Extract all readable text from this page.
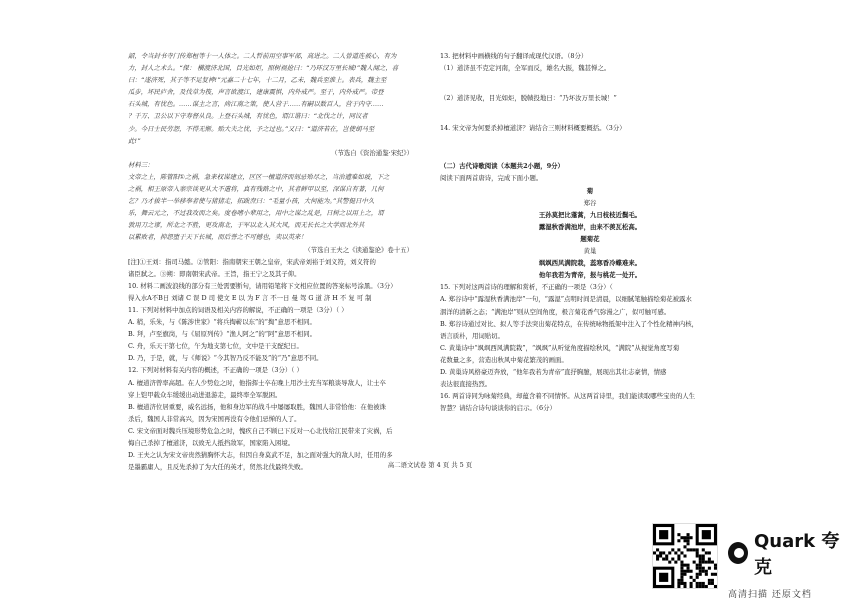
韶，令当封书寺门传郑桓等十一人体之。二人哲前用空事军部，高进之。二人曾道连被心，有为
力，封人之术么。“保： 横渡济北国，目光如炬，照树视抢曰：“乃环汉万里长城!”魏人闻之，喜
曰：“遂济死，其子等不足复裨!”元嘉二十七年，十二月，乙未，魏兵至淮上。表兵，魏主至
瓜步，坏民庐舍，及伐草为筏，声言欲渡江，建康震惧，内外戒严。至于，内外戒严。帝登
石头城，有忧色。……谋主之言，尚江南之策，使人营于……有嗣以数百人，营于内守……
？千万、卫公以下守寿督从良。上登石头城，有忧色，谓江谐曰：“北伐之计，同议者
少。今日士民劳怨，不得无惭。贻大夫之忧，予之过也。”又曰：“道济若在，岂使胡马至
此!”
（节选自《资治通鉴·宋纪》）
材料三：
文帝之上，陈管阳①之祸，急来权谋建立，区区一檀道济而刻忌殆尽之，当治遭难如坡，下之
之祸，相王原帝入寨宗谈更从大不遣将，真有残路之中，其者鲜甲以至，深谋自有著，几何
乞？乃才拔半一举移奉者使与猪猪走，拓跋焘曰：“毛量小孩，大何能为。”其警挺日中久
乐，舞云元之，不过我攻而之矣。度卷嗜小辈用之，用中之谋之乱是，日树之以用上之，谓
敦用刀之谬，所北之不胜，更攻南北，于军以北入其大风，而无长长之大学而北外其
以累败者，抑怨堕于天下长城，而后誉之不可撼也，卖以英来！
（节选自王夫之《读通鉴论》卷十五）
[注]①王刘：指司马懿。②管阳：指南朝宋王朝之皇帝，宋武帝刘裕于刘义符，刘义符的
诸臣弑之。③朔：即南朝宋武帝。王旨，指王宁之及其子仰。
10. 材料二画波浪线的部分有三处需要断句，请用铅笔将下文相应位置的答案标号涂黑。（3分）
得入水A不B日 刘诸 C 误 D 司 使文 E 以 为 F 言 不一日 曼 驾 G 道 济 H 不 复 可 制
11. 下列对材料中加点的词语及相关内容的解说，不正确的一项是（3分）（ ）
A. 稍，乐朱，与《陈涉世家》“将兵掏蕲以东”的“掏”意思不相同。
B. 拜，卢至旗岗，与《屈原列传》“渔人阿之”的“阿”意思不相同。
C. 舟，乐天干第七位，午为地支第七位，文中是干支配纪日。
D. 乃，于是，就，与《师说》“今其智乃反不能及”的“乃”意思不同。
12. 下列对材料有关内容的概述，不正确的一项是（3分）（ ）
A. 檀道济曾率高超。在人少势危之时，他指挥士卒在晚上用沙土充当军粮谈导敌人，让士卒
穿上铠甲载众车缓缓出动进退游走，最终率全军脱困。
B. 檀道济位居重要，威名远扬，他和身边军的战斗中屡屡取胜，魏国人非常恰他：在他被诛
杀后，魏国人非常高兴，因为宋国再没有令他们忌惮的人了。
C. 宋文帝面对魏兵压境形势危急之时，愧疚自己不顾已下反对一心北伐给江民带来了灾祸，后
悔自己杀掉了檀道济，以致无人抵挡敌军，国家陷入困境。
D. 王夫之认为宋文帝贵然猜胸怀大志，但因自身莫武不足，加之面对强大的敌人时，任用的多
是墨霸庸人，且反先杀掉了为大任的英才，贸然北伐最终失败。
13. 把材料中画横线的句子翻译成现代汉语。（8分）
（1）道济虽不克定河南，全军而反，雄名大振，魏甚惮之。
（2）道济见收，目光如炬，脱帻投地曰：“乃坏汝万里长城！”
14. 宋文帝为何要杀掉檀道济？请结合三则材料概要概括。（3分）
（二）古代诗歌阅读（本题共2小题，9分）
阅读下面两首唐诗，完成下面小题。
菊
郑谷
王孙莫把比蓬蒿，九日枝枝近鬓毛。
露湿秋香满池岸，由来不羡瓦松高。
题菊花
黄巢
飒飒西风满院栽，蕊寒香冷蝶难来。
他年我若为青帝，报与桃花一处开。
15. 下列对这两首诗的理解和赏析，不正确的一项是（3分）（
A. 郑谷诗中“露湿秋香满池岸”一句，“露湿”点明时间是清晨，以细腻笔触描绘菊花被露水
洇洋的清新之态；“满池岸”则从空间角度，极言菊花香气弥漫之广，似可触可感。
B. 郑谷诗通过对比、拟人等手法突出菊花特点，在传统咏物抵架中注入了个性化精神内核，
语言质朴，用词贴切。
C. 黄巢诗中“飒飒西风满院栽”，“飒飒”从听觉角度描绘秋风，“满院”从视觉角度写菊
花数量之多，营造出秋风中菊花繁茂的画面。
D. 黄巢诗风格豪迈奔放，“他年我若为青帝”直抒胸臆，展现出其壮志豪情，情感
表达很直接热烈。
16. 两首诗同为咏菊经典，却蕴含着不同情怀。从这两首诗里，我们能读取哪些宝贵的人生
智慧？请结合诗句谈谈你的启示。（6分）
高二语文试卷 第 4 页 共 5 页
Quark 夸克
高清扫描 还原文档
